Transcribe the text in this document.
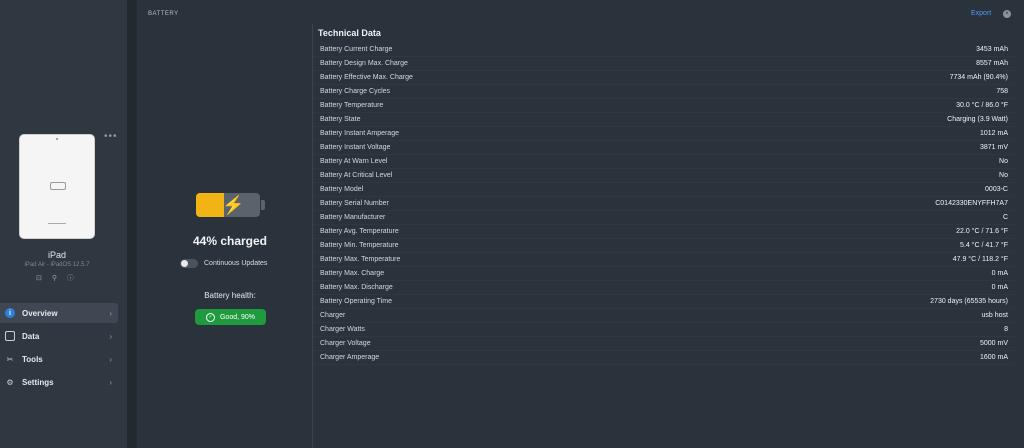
•••
iPad
iPad Air - iPadOS 12.5.7
⊡ ⚲ ⓘ
i	Overview	›
Data	›
✂ Tools	›
⚙ Settings	›
BATTERY	Export	×
⚡
44% charged
Continuous Updates
Battery health:
✓	Good, 90%
Technical Data
Battery Current Charge	3453 mAh
Battery Design Max. Charge	8557 mAh
Battery Effective Max. Charge	7734 mAh (90.4%)
Battery Charge Cycles	758
Battery Temperature	30.0 °C / 86.0 °F
Battery State	Charging (3.9 Watt)
Battery Instant Amperage	1012 mA
Battery Instant Voltage	3871 mV
Battery At Warn Level	No
Battery At Critical Level	No
Battery Model	0003-C
Battery Serial Number	C0142330ENYFFH7A7
Battery Manufacturer	C
Battery Avg. Temperature	22.0 °C / 71.6 °F
Battery Min. Temperature	5.4 °C / 41.7 °F
Battery Max. Temperature	47.9 °C / 118.2 °F
Battery Max. Charge	0 mA
Battery Max. Discharge	0 mA
Battery Operating Time	2730 days (65535 hours)
Charger	usb host
Charger Watts	8
Charger Voltage	5000 mV
Charger Amperage	1600 mA
